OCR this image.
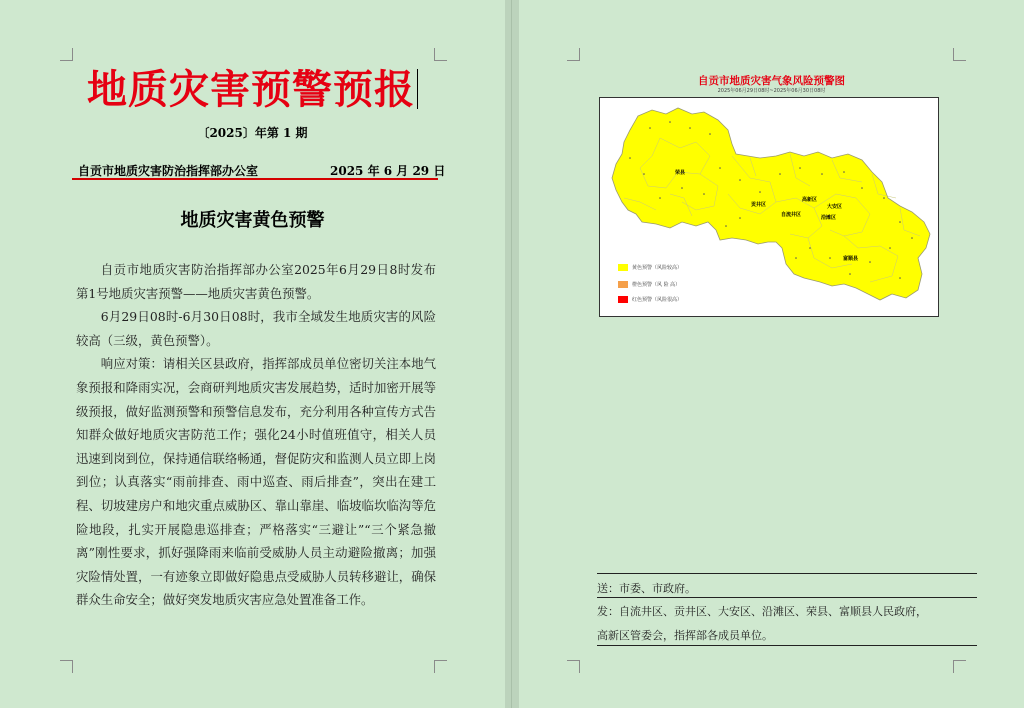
地质灾害预警预报
〔2025〕年第 1 期
自贡市地质灾害防治指挥部办公室	2025 年 6 月 29 日
地质灾害黄色预警

自贡市地质灾害防治指挥部办公室2025年6月29日8时发布第1号地质灾害预警——地质灾害黄色预警。

6月29日08时-6月30日08时，我市全域发生地质灾害的风险较高（三级，黄色预警）。

响应对策：请相关区县政府，指挥部成员单位密切关注本地气象预报和降雨实况，会商研判地质灾害发展趋势，适时加密开展等级预报，做好监测预警和预警信息发布，充分利用各种宣传方式告知群众做好地质灾害防范工作；强化24小时值班值守，相关人员迅速到岗到位，保持通信联络畅通，督促防灾和监测人员立即上岗到位；认真落实“雨前排查、雨中巡查、雨后排查”，突出在建工程、切坡建房户和地灾重点威胁区、靠山靠崖、临坡临坎临沟等危险地段，扎实开展隐患巡排查；严格落实“三避让”“三个紧急撤离”刚性要求，抓好强降雨来临前受威胁人员主动避险撤离；加强灾险情处置，一有迹象立即做好隐患点受威胁人员转移避让，确保群众生命安全；做好突发地质灾害应急处置准备工作。

自贡市地质灾害气象风险预警图
2025年06月29日08时~2025年06月30日08时
荣县
贡井区
自流井区
高新区
大安区
沿滩区
富顺县
黄色预警（风险较高）
橙色预警（风 险 高）
红色预警（风险很高）
送：市委、市政府。
发：自流井区、贡井区、大安区、沿滩区、荣县、富顺县人民政府，
高新区管委会，指挥部各成员单位。
